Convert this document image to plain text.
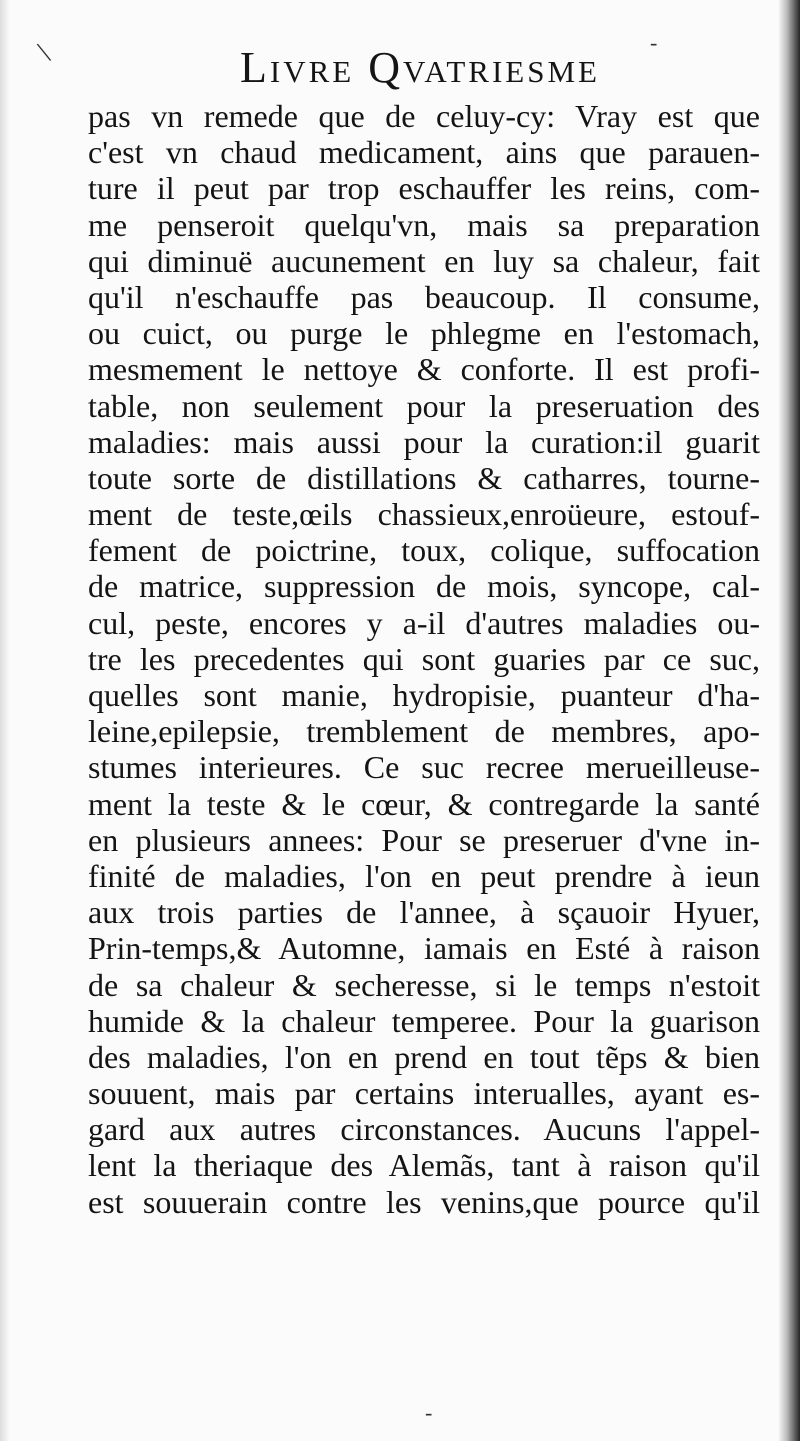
\	-
Livre Qvatriesme
pas vn remede que de celuy-cy: Vray est que
c'est vn chaud medicament, ains que parauen-
ture il peut par trop eschauffer les reins, com-
me penseroit quelqu'vn, mais sa preparation
qui diminuë aucunement en luy sa chaleur, fait
qu'il n'eschauffe pas beaucoup. Il consume,
ou cuict, ou purge le phlegme en l'estomach,
mesmement le nettoye & conforte. Il est profi-
table, non seulement pour la preseruation des
maladies: mais aussi pour la curation:il guarit
toute sorte de distillations & catharres, tourne-
ment de teste,œils chassieux,enroüeure, estouf-
fement de poictrine, toux, colique, suffocation
de matrice, suppression de mois, syncope, cal-
cul, peste, encores y a-il d'autres maladies ou-
tre les precedentes qui sont guaries par ce suc,
quelles sont manie, hydropisie, puanteur d'ha-
leine,epilepsie, tremblement de membres, apo-
stumes interieures. Ce suc recree merueilleuse-
ment la teste & le cœur, & contregarde la santé
en plusieurs annees: Pour se preseruer d'vne in-
finité de maladies, l'on en peut prendre à ieun
aux trois parties de l'annee, à sçauoir Hyuer,
Prin-temps,& Automne, iamais en Esté à raison
de sa chaleur & secheresse, si le temps n'estoit
humide & la chaleur temperee. Pour la guarison
des maladies, l'on en prend en tout tẽps & bien
souuent, mais par certains interualles, ayant es-
gard aux autres circonstances. Aucuns l'appel-
lent la theriaque des Alemãs, tant à raison qu'il
est souuerain contre les venins,que pource qu'il
-
